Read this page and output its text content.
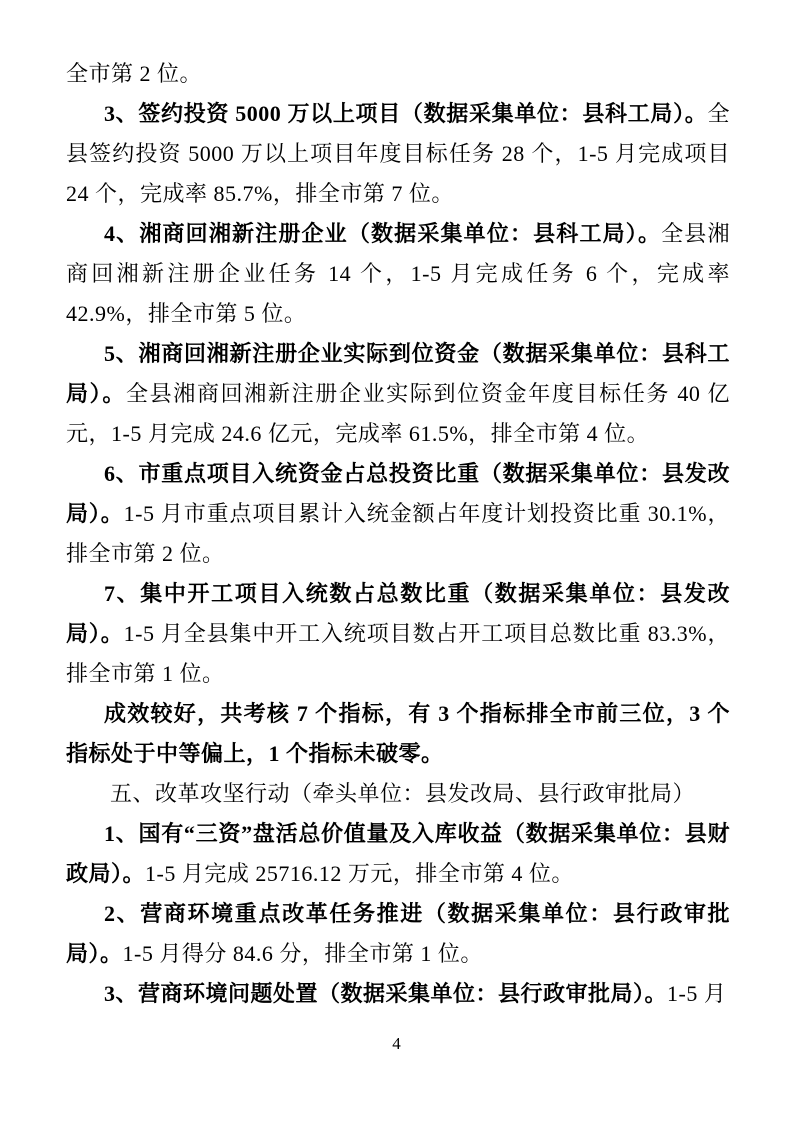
全市第 2 位。

3、签约投资 5000 万以上项目（数据采集单位：县科工局）。全县签约投资 5000 万以上项目年度目标任务 28 个，1-5 月完成项目 24 个，完成率 85.7%，排全市第 7 位。

4、湘商回湘新注册企业（数据采集单位：县科工局）。全县湘商回湘新注册企业任务 14 个，1-5 月完成任务 6 个，完成率 42.9%，排全市第 5 位。

5、湘商回湘新注册企业实际到位资金（数据采集单位：县科工局）。全县湘商回湘新注册企业实际到位资金年度目标任务 40 亿元，1-5 月完成 24.6 亿元，完成率 61.5%，排全市第 4 位。

6、市重点项目入统资金占总投资比重（数据采集单位：县发改局）。1-5 月市重点项目累计入统金额占年度计划投资比重 30.1%，排全市第 2 位。

7、集中开工项目入统数占总数比重（数据采集单位：县发改局）。1-5 月全县集中开工入统项目数占开工项目总数比重 83.3%，排全市第 1 位。

成效较好，共考核 7 个指标，有 3 个指标排全市前三位，3 个指标处于中等偏上，1 个指标未破零。

五、改革攻坚行动（牵头单位：县发改局、县行政审批局）

1、国有“三资”盘活总价值量及入库收益（数据采集单位：县财政局）。1-5 月完成 25716.12 万元，排全市第 4 位。

2、营商环境重点改革任务推进（数据采集单位：县行政审批局）。1-5 月得分 84.6 分，排全市第 1 位。

3、营商环境问题处置（数据采集单位：县行政审批局）。1-5 月

4
